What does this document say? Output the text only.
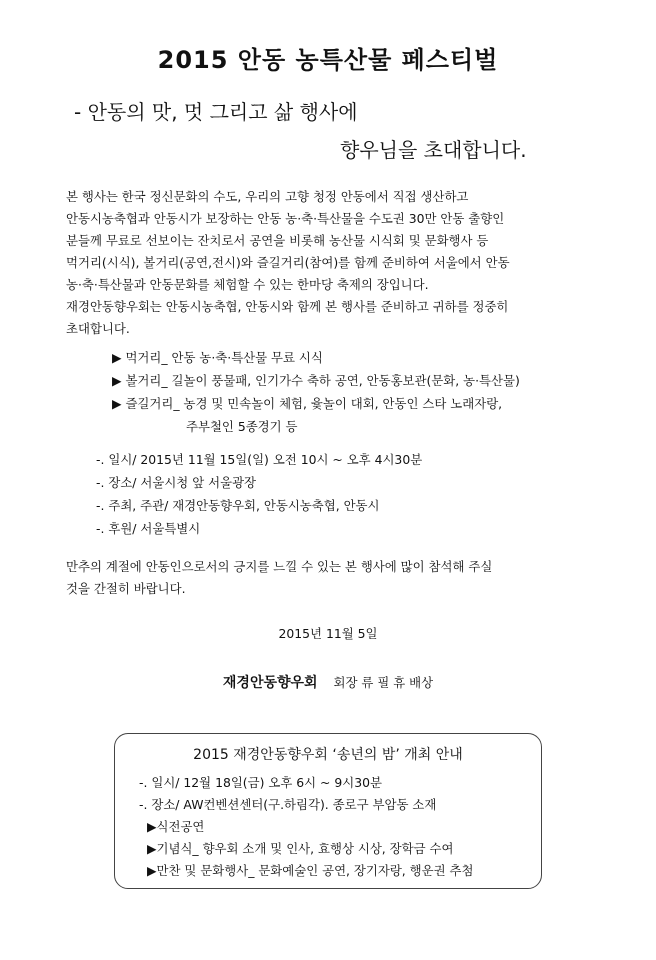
2015 안동 농특산물 페스티벌
- 안동의 맛, 멋 그리고 삶 행사에
향우님을 초대합니다.
본 행사는 한국 정신문화의 수도, 우리의 고향 청정 안동에서 직접 생산하고
안동시농축협과 안동시가 보장하는 안동 농·축·특산물을 수도권 30만 안동 출향인
분들께 무료로 선보이는 잔치로서 공연을 비롯해 농산물 시식회 및 문화행사 등
먹거리(시식), 볼거리(공연,전시)와 즐길거리(참여)를 함께 준비하여 서울에서 안동
농·축·특산물과 안동문화를 체험할 수 있는 한마당 축제의 장입니다.
재경안동향우회는 안동시농축협, 안동시와 함께 본 행사를 준비하고 귀하를 정중히
초대합니다.
▶ 먹거리_ 안동 농·축·특산물 무료 시식
▶ 볼거리_ 길놀이 풍물패, 인기가수 축하 공연, 안동홍보관(문화, 농·특산물)
▶ 즐길거리_ 농경 및 민속놀이 체험, 윷놀이 대회, 안동인 스타 노래자랑,
주부철인 5종경기 등
-. 일시/ 2015년 11월 15일(일) 오전 10시 ~ 오후 4시30분
-. 장소/ 서울시청 앞 서울광장
-. 주최, 주관/ 재경안동향우회, 안동시농축협, 안동시
-. 후원/ 서울특별시
만추의 계절에 안동인으로서의 긍지를 느낄 수 있는 본 행사에 많이 참석해 주실
것을 간절히 바랍니다.
2015년 11월 5일
재경안동향우회 회장 류 필 휴 배상
2015 재경안동향우회 ‘송년의 밤’ 개최 안내
-. 일시/ 12월 18일(금) 오후 6시 ~ 9시30분
-. 장소/ AW컨벤션센터(구.하림각). 종로구 부암동 소재
▶식전공연
▶기념식_ 향우회 소개 및 인사, 효행상 시상, 장학금 수여
▶만찬 및 문화행사_ 문화예술인 공연, 장기자랑, 행운권 추첨
